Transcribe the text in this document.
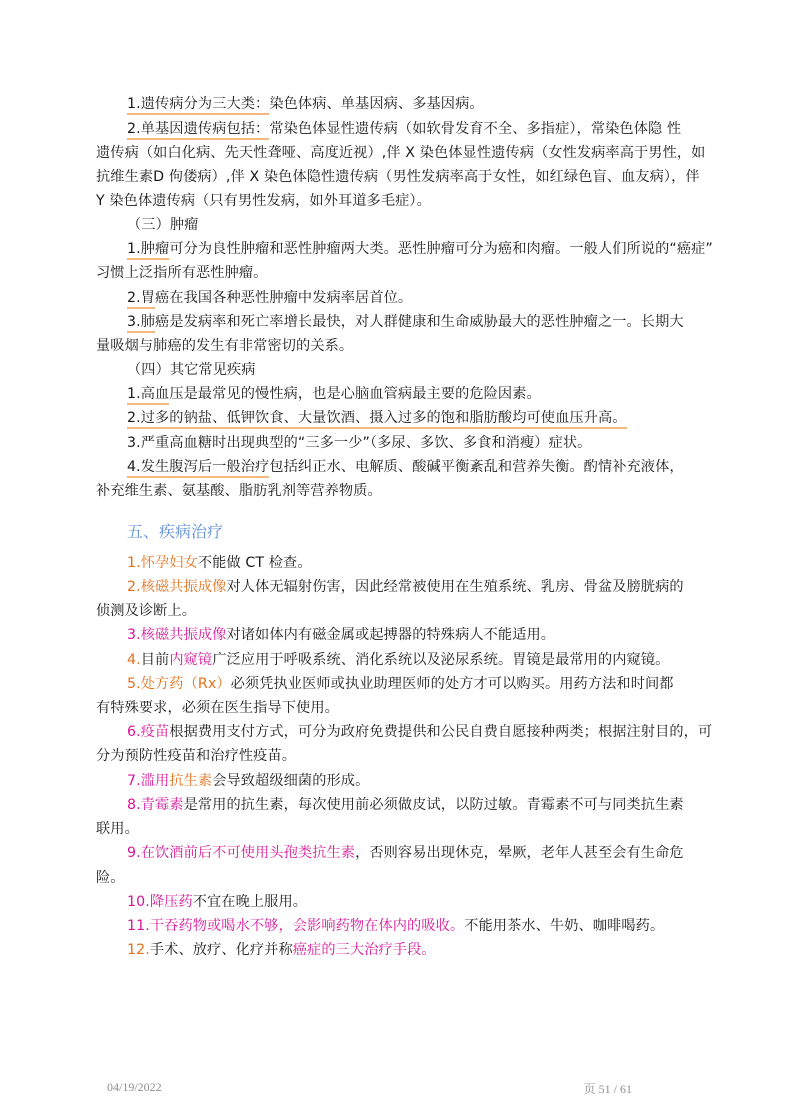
1.遗传病分为三大类：染色体病、单基因病、多基因病。
2.单基因遗传病包括：常染色体显性遗传病（如软骨发育不全、多指症），常染色体隐 性
遗传病（如白化病、先天性聋哑、高度近视）,伴 X 染色体显性遗传病（女性发病率高于男性，如
抗维生素D 佝偻病）,伴 X 染色体隐性遗传病（男性发病率高于女性，如红绿色盲、血友病），伴
Y 染色体遗传病（只有男性发病，如外耳道多毛症）。
（三）肿瘤
1.肿瘤可分为良性肿瘤和恶性肿瘤两大类。恶性肿瘤可分为癌和肉瘤。一般人们所说的“癌症”
习惯上泛指所有恶性肿瘤。
2.胃癌在我国各种恶性肿瘤中发病率居首位。
3.肺癌是发病率和死亡率增长最快，对人群健康和生命威胁最大的恶性肿瘤之一。长期大
量吸烟与肺癌的发生有非常密切的关系。
（四）其它常见疾病
1.高血压是最常见的慢性病，也是心脑血管病最主要的危险因素。
2.过多的钠盐、低钾饮食、大量饮酒、摄入过多的饱和脂肪酸均可使血压升高。
3.严重高血糖时出现典型的“三多一少”（多尿、多饮、多食和消瘦）症状。
4.发生腹泻后一般治疗包括纠正水、电解质、酸碱平衡紊乱和营养失衡。酌情补充液体，
补充维生素、氨基酸、脂肪乳剂等营养物质。
五、疾病治疗
1.怀孕妇女不能做 CT 检查。
2.核磁共振成像对人体无辐射伤害，因此经常被使用在生殖系统、乳房、骨盆及膀胱病的
侦测及诊断上。
3.核磁共振成像对诸如体内有磁金属或起搏器的特殊病人不能适用。
4.目前内窥镜广泛应用于呼吸系统、消化系统以及泌尿系统。胃镜是最常用的内窥镜。
5.处方药（Rx）必须凭执业医师或执业助理医师的处方才可以购买。用药方法和时间都
有特殊要求，必须在医生指导下使用。
6.疫苗根据费用支付方式，可分为政府免费提供和公民自费自愿接种两类；根据注射目的，可
分为预防性疫苗和治疗性疫苗。
7.滥用抗生素会导致超级细菌的形成。
8.青霉素是常用的抗生素，每次使用前必须做皮试，以防过敏。青霉素不可与同类抗生素
联用。
9.在饮酒前后不可使用头孢类抗生素，否则容易出现休克，晕厥，老年人甚至会有生命危
险。
10.降压药不宜在晚上服用。
11.干吞药物或喝水不够，会影响药物在体内的吸收。不能用茶水、牛奶、咖啡喝药。
12.手术、放疗、化疗并称癌症的三大治疗手段。
04/19/2022	页 51 / 61
